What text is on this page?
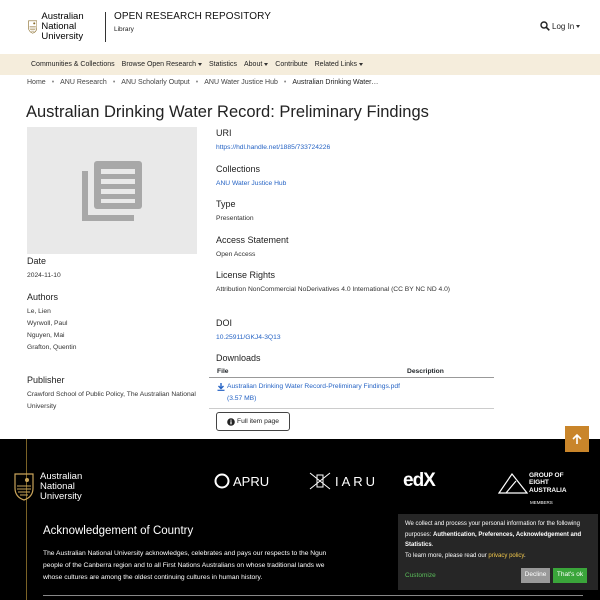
Australian National University
OPEN RESEARCH REPOSITORY
Library	Log In
Communities & Collections Browse Open Research	Statistics About	Contribute Related Links
Home • ANU Research • ANU Scholarly Output • ANU Water Justice Hub • Australian Drinking Water…
Australian Drinking Water Record: Preliminary Findings
Date
2024-11-10
Authors
Le, Lien
Wyrwoll, Paul
Nguyen, Mai
Grafton, Quentin
Publisher
Crawford School of Public Policy, The Australian National University
URI
https://hdl.handle.net/1885/733724226
Collections
ANU Water Justice Hub
Type
Presentation
Access Statement
Open Access
License Rights
Attribution NonCommercial NoDerivatives 4.0 International (CC BY NC ND 4.0)
DOI
10.25911/GKJ4-3Q13
Downloads
File	Description
Australian Drinking Water Record-Preliminary Findings.pdf (3.57 MB)
Full item page
Australian National University
APRU	IARU edX	GROUP OF EIGHT AUSTRALIA
MEMBERS
Acknowledgement of Country
The Australian National University acknowledges, celebrates and pays our respects to the Ngun
people of the Canberra region and to all First Nations Australians on whose traditional lands we
whose cultures are among the oldest continuing cultures in human history.
We collect and process your personal information for the following purposes: Authentication, Preferences, Acknowledgement and Statistics.
To learn more, please read our privacy policy.
Customize	Decline	That's ok
